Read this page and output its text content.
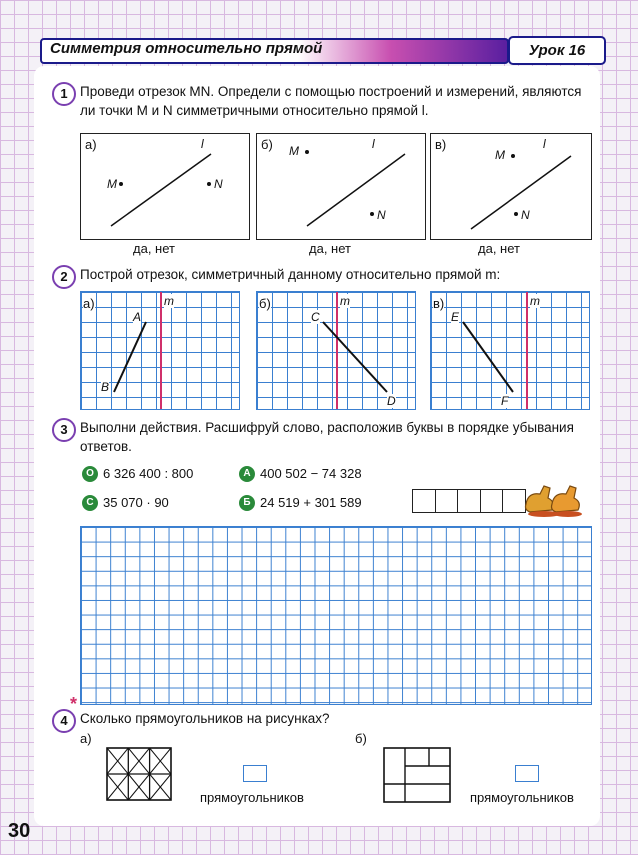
Симметрия относительно прямой	Урок 16
1 Проведи отрезок MN. Определи с помощью построений и измерений, являются ли точки M и N симметричными относительно прямой l.
а)	l
M	N
да, нет
б)	l
M
N
да, нет
в)	l
M
N
да, нет
2 Построй отрезок, симметричный данному относительно прямой m:
а)	m
A
B
б)	m
C
D
в)	m
E
F
3 Выполни действия. Расшифруй слово, расположив буквы в порядке убывания ответов.
О 6 326 400 : 800	А 400 502 − 74 328
С 35 070 · 90	Б 24 519 + 301 589
4
*
Сколько прямоугольников на рисунках?
а)	б)
прямоугольников	прямоугольников
30
